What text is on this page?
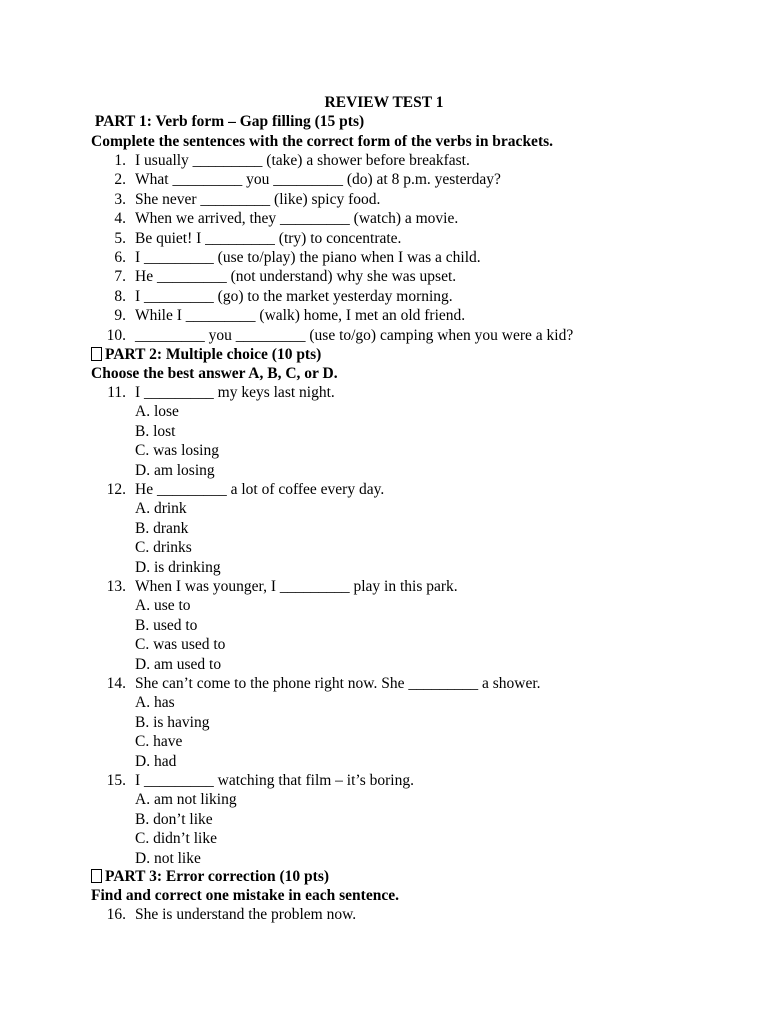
REVIEW TEST 1
PART 1: Verb form – Gap filling (15 pts)
Complete the sentences with the correct form of the verbs in brackets.
1. I usually _________ (take) a shower before breakfast.
2. What _________ you _________ (do) at 8 p.m. yesterday?
3. She never _________ (like) spicy food.
4. When we arrived, they _________ (watch) a movie.
5. Be quiet! I _________ (try) to concentrate.
6. I _________ (use to/play) the piano when I was a child.
7. He _________ (not understand) why she was upset.
8. I _________ (go) to the market yesterday morning.
9. While I _________ (walk) home, I met an old friend.
10. _________ you _________ (use to/go) camping when you were a kid?
PART 2: Multiple choice (10 pts)
Choose the best answer A, B, C, or D.
11. I _________ my keys last night.
A. lose
B. lost
C. was losing
D. am losing
12. He _________ a lot of coffee every day.
A. drink
B. drank
C. drinks
D. is drinking
13. When I was younger, I _________ play in this park.
A. use to
B. used to
C. was used to
D. am used to
14. She can’t come to the phone right now. She _________ a shower.
A. has
B. is having
C. have
D. had
15. I _________ watching that film – it’s boring.
A. am not liking
B. don’t like
C. didn’t like
D. not like
PART 3: Error correction (10 pts)
Find and correct one mistake in each sentence.
16. She is understand the problem now.
